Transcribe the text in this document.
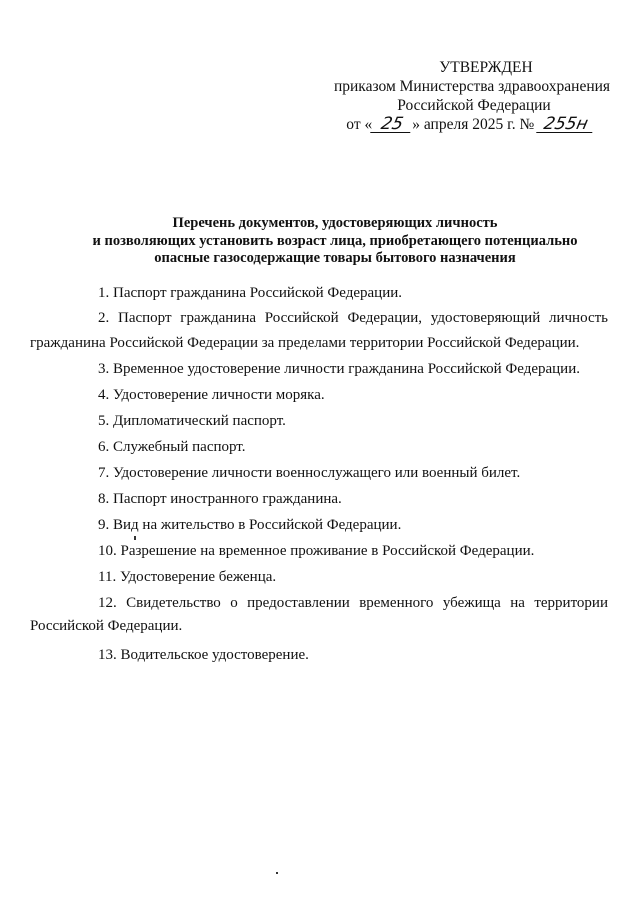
УТВЕРЖДЕН
приказом Министерства здравоохранения
Российской Федерации
от « 25 » апреля 2025 г. № 255н
Перечень документов, удостоверяющих личность
и позволяющих установить возраст лица, приобретающего потенциально
опасные газосодержащие товары бытового назначения
1. Паспорт гражданина Российской Федерации.
2. Паспорт гражданина Российской Федерации, удостоверяющий личность
гражданина Российской Федерации за пределами территории Российской Федерации.
3. Временное удостоверение личности гражданина Российской Федерации.
4. Удостоверение личности моряка.
5. Дипломатический паспорт.
6. Служебный паспорт.
7. Удостоверение личности военнослужащего или военный билет.
8. Паспорт иностранного гражданина.
9. Вид на жительство в Российской Федерации.
10. Разрешение на временное проживание в Российской Федерации.
11. Удостоверение беженца.
12. Свидетельство о предоставлении временного убежища на территории
Российской Федерации.
13. Водительское удостоверение.
